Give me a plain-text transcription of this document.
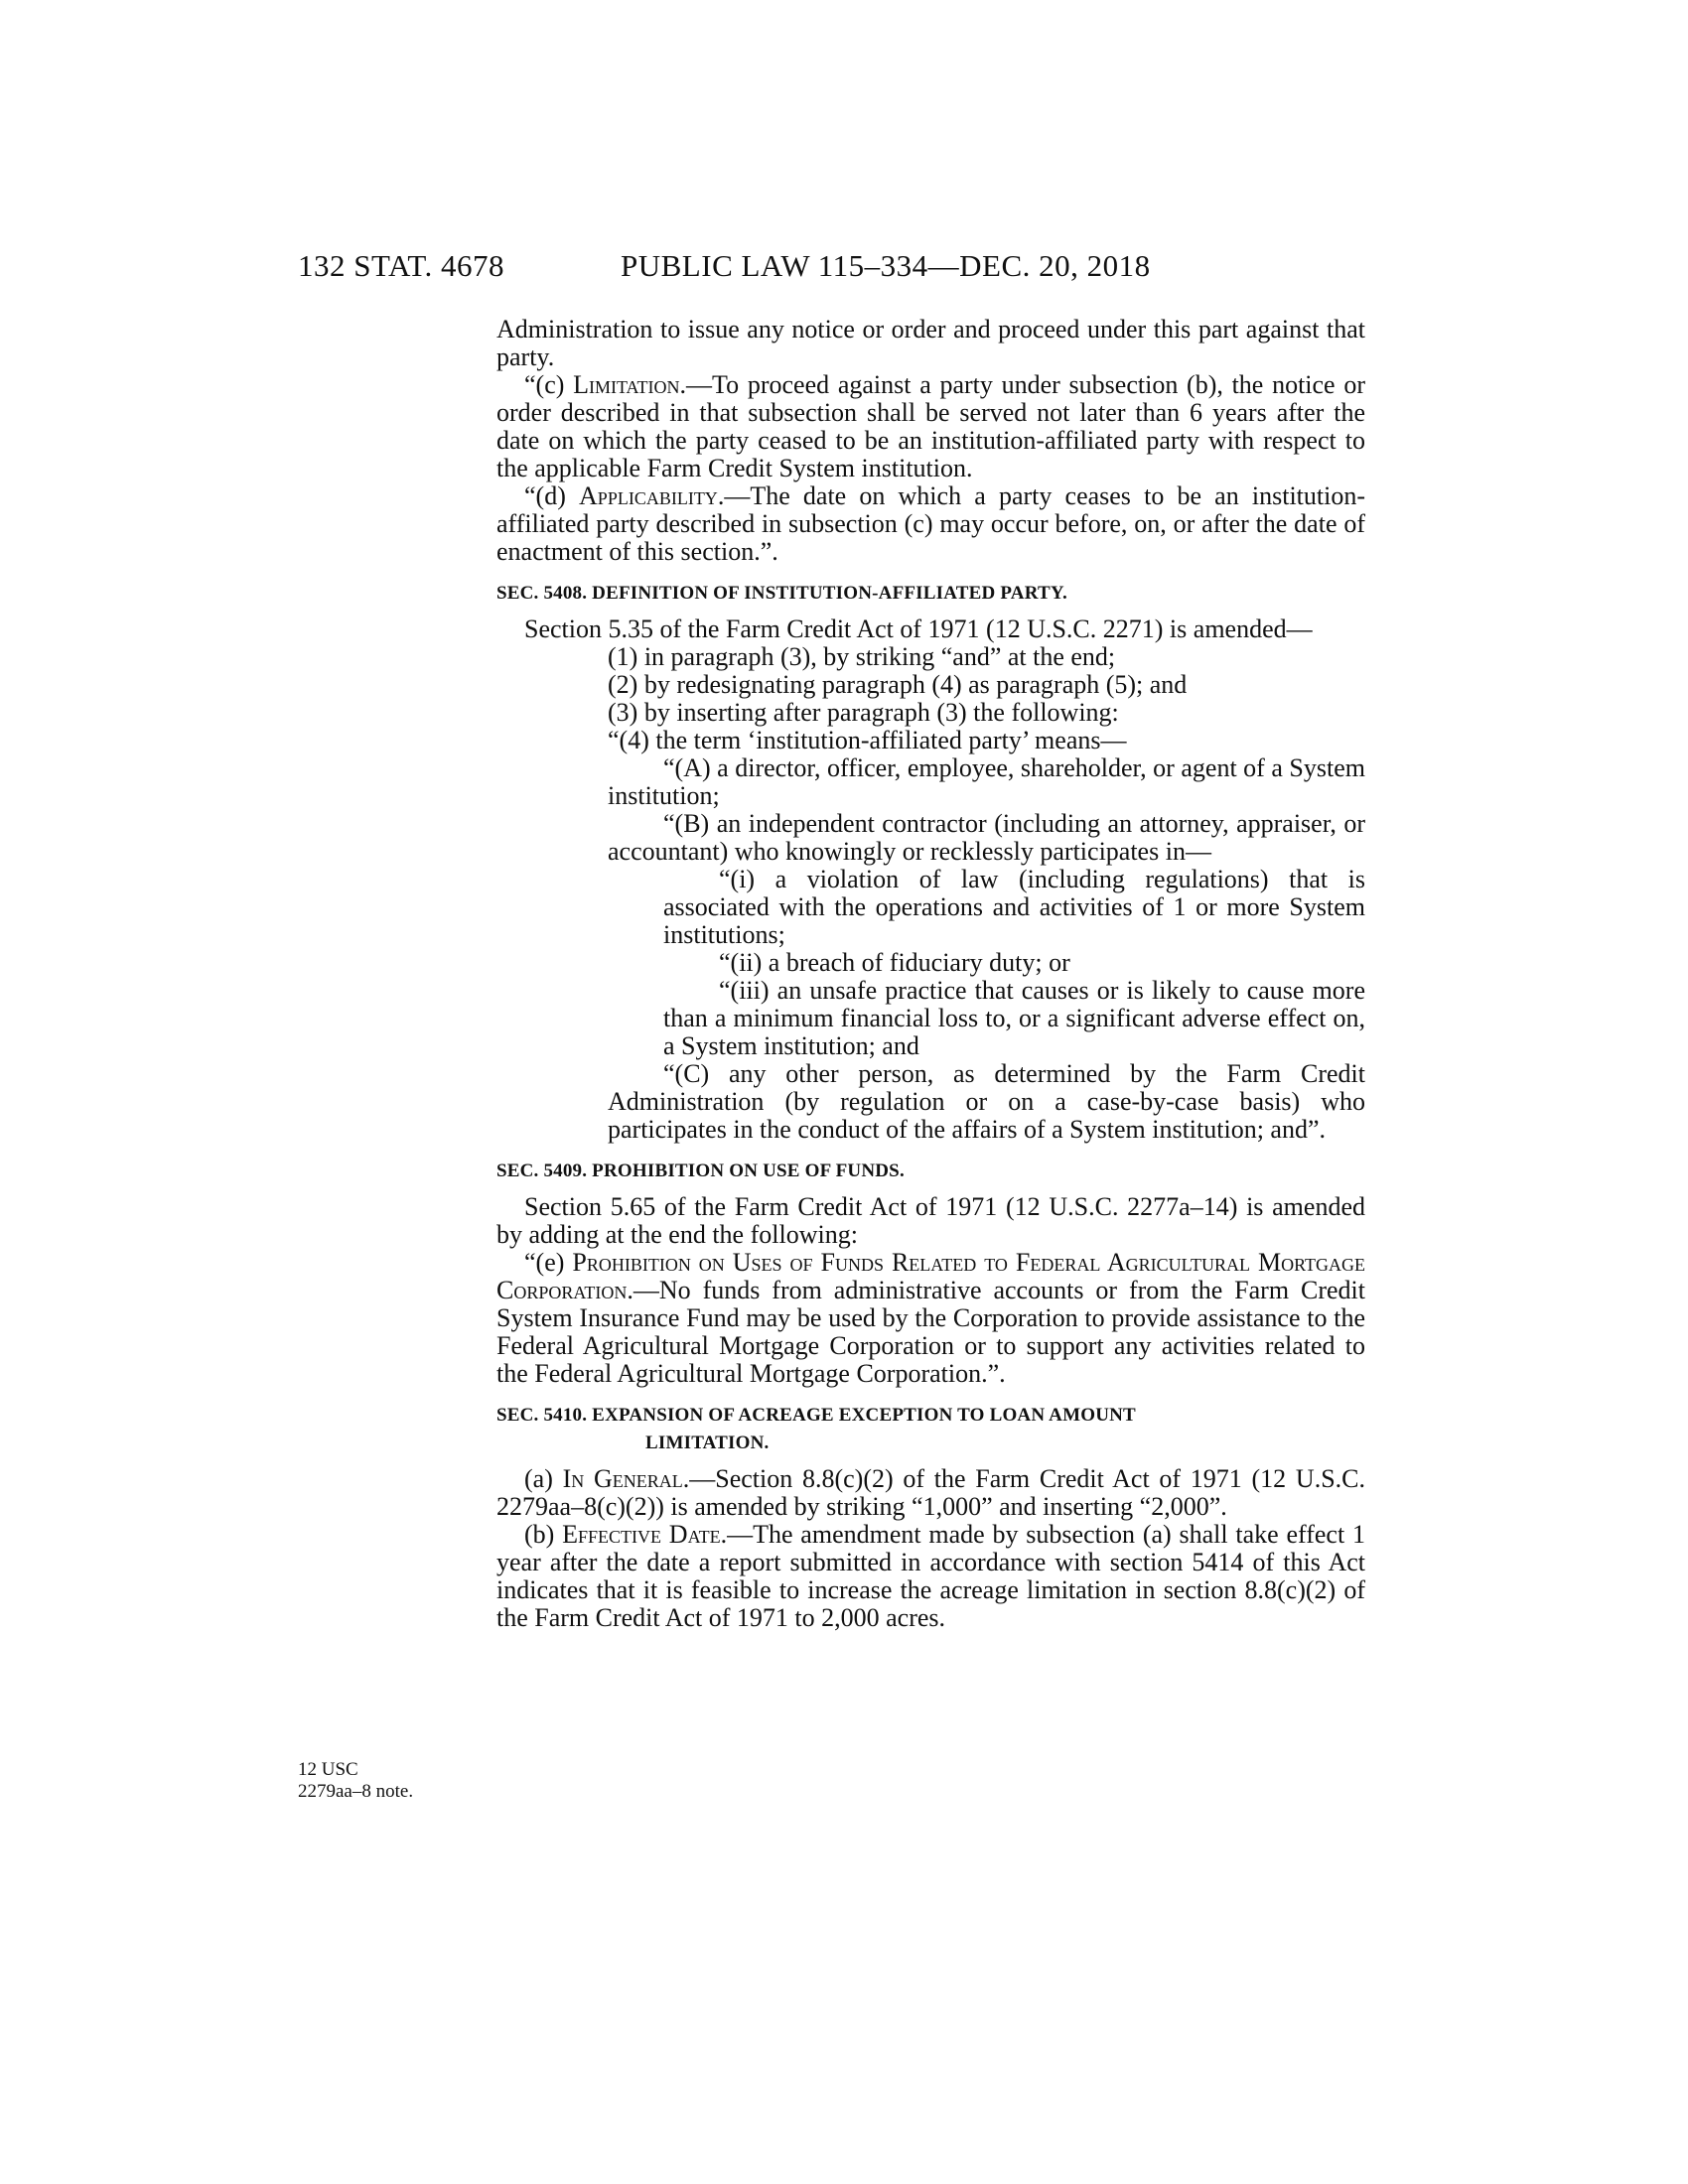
132 STAT. 4678	PUBLIC LAW 115–334—DEC. 20, 2018
12 USC
2279aa–8 note.

Administration to issue any notice or order and proceed under this part against that party.

“(c) Limitation.—To proceed against a party under subsection (b), the notice or order described in that subsection shall be served not later than 6 years after the date on which the party ceased to be an institution-affiliated party with respect to the applicable Farm Credit System institution.

“(d) Applicability.—The date on which a party ceases to be an institution-affiliated party described in subsection (c) may occur before, on, or after the date of enactment of this section.”.

SEC. 5408. DEFINITION OF INSTITUTION-AFFILIATED PARTY.

Section 5.35 of the Farm Credit Act of 1971 (12 U.S.C. 2271) is amended—

(1) in paragraph (3), by striking “and” at the end;

(2) by redesignating paragraph (4) as paragraph (5); and

(3) by inserting after paragraph (3) the following:

“(4) the term ‘institution-affiliated party’ means—

“(A) a director, officer, employee, shareholder, or agent of a System institution;

“(B) an independent contractor (including an attorney, appraiser, or accountant) who knowingly or recklessly participates in—

“(i) a violation of law (including regulations) that is associated with the operations and activities of 1 or more System institutions;

“(ii) a breach of fiduciary duty; or

“(iii) an unsafe practice that causes or is likely to cause more than a minimum financial loss to, or a significant adverse effect on, a System institution; and

“(C) any other person, as determined by the Farm Credit Administration (by regulation or on a case-by-case basis) who participates in the conduct of the affairs of a System institution; and”.

SEC. 5409. PROHIBITION ON USE OF FUNDS.

Section 5.65 of the Farm Credit Act of 1971 (12 U.S.C. 2277a–14) is amended by adding at the end the following:

“(e) Prohibition on Uses of Funds Related to Federal Agricultural Mortgage Corporation.—No funds from administrative accounts or from the Farm Credit System Insurance Fund may be used by the Corporation to provide assistance to the Federal Agricultural Mortgage Corporation or to support any activities related to the Federal Agricultural Mortgage Corporation.”.

SEC. 5410. EXPANSION OF ACREAGE EXCEPTION TO LOAN AMOUNT
LIMITATION.

(a) In General.—Section 8.8(c)(2) of the Farm Credit Act of 1971 (12 U.S.C. 2279aa–8(c)(2)) is amended by striking “1,000” and inserting “2,000”.

(b) Effective Date.—The amendment made by subsection (a) shall take effect 1 year after the date a report submitted in accordance with section 5414 of this Act indicates that it is feasible to increase the acreage limitation in section 8.8(c)(2) of the Farm Credit Act of 1971 to 2,000 acres.
